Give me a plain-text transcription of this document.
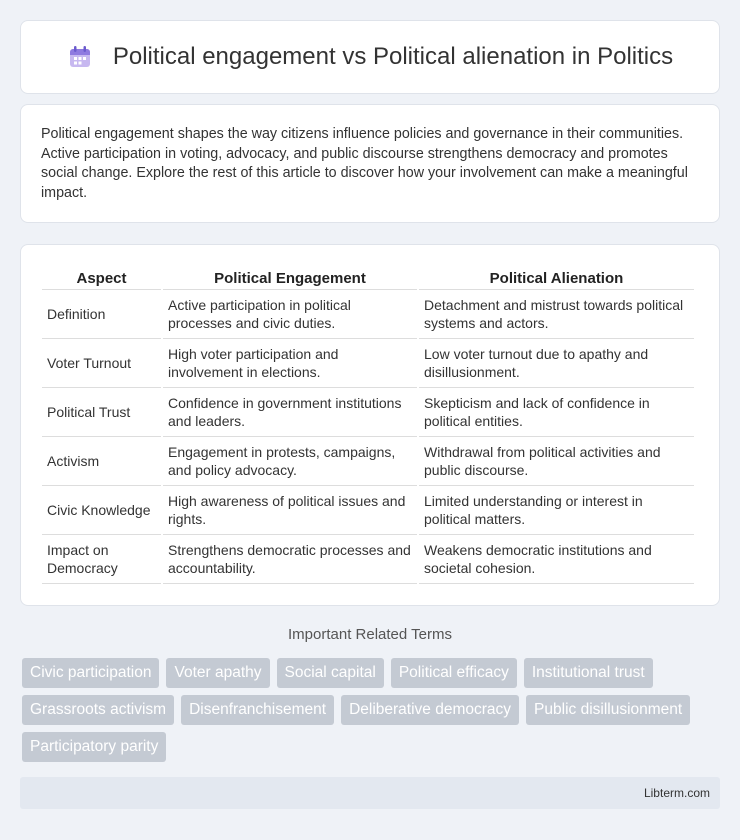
Political engagement vs Political alienation in Politics

Political engagement shapes the way citizens influence policies and governance in their communities. Active participation in voting, advocacy, and public discourse strengthens democracy and promotes social change. Explore the rest of this article to discover how your involvement can make a meaningful impact.

Aspect	Political Engagement	Political Alienation
Definition	Active participation in political processes and civic duties.	Detachment and mistrust towards political systems and actors.
Voter Turnout	High voter participation and involvement in elections.	Low voter turnout due to apathy and disillusionment.
Political Trust	Confidence in government institutions and leaders.	Skepticism and lack of confidence in political entities.
Activism	Engagement in protests, campaigns, and policy advocacy.	Withdrawal from political activities and public discourse.
Civic Knowledge	High awareness of political issues and rights.	Limited understanding or interest in political matters.
Impact on Democracy	Strengthens democratic processes and accountability.	Weakens democratic institutions and societal cohesion.
Important Related Terms
Civic participation	Voter apathy	Social capital	Political efficacy	Institutional trust
Grassroots activism	Disenfranchisement	Deliberative democracy	Public disillusionment
Participatory parity
Libterm.com
